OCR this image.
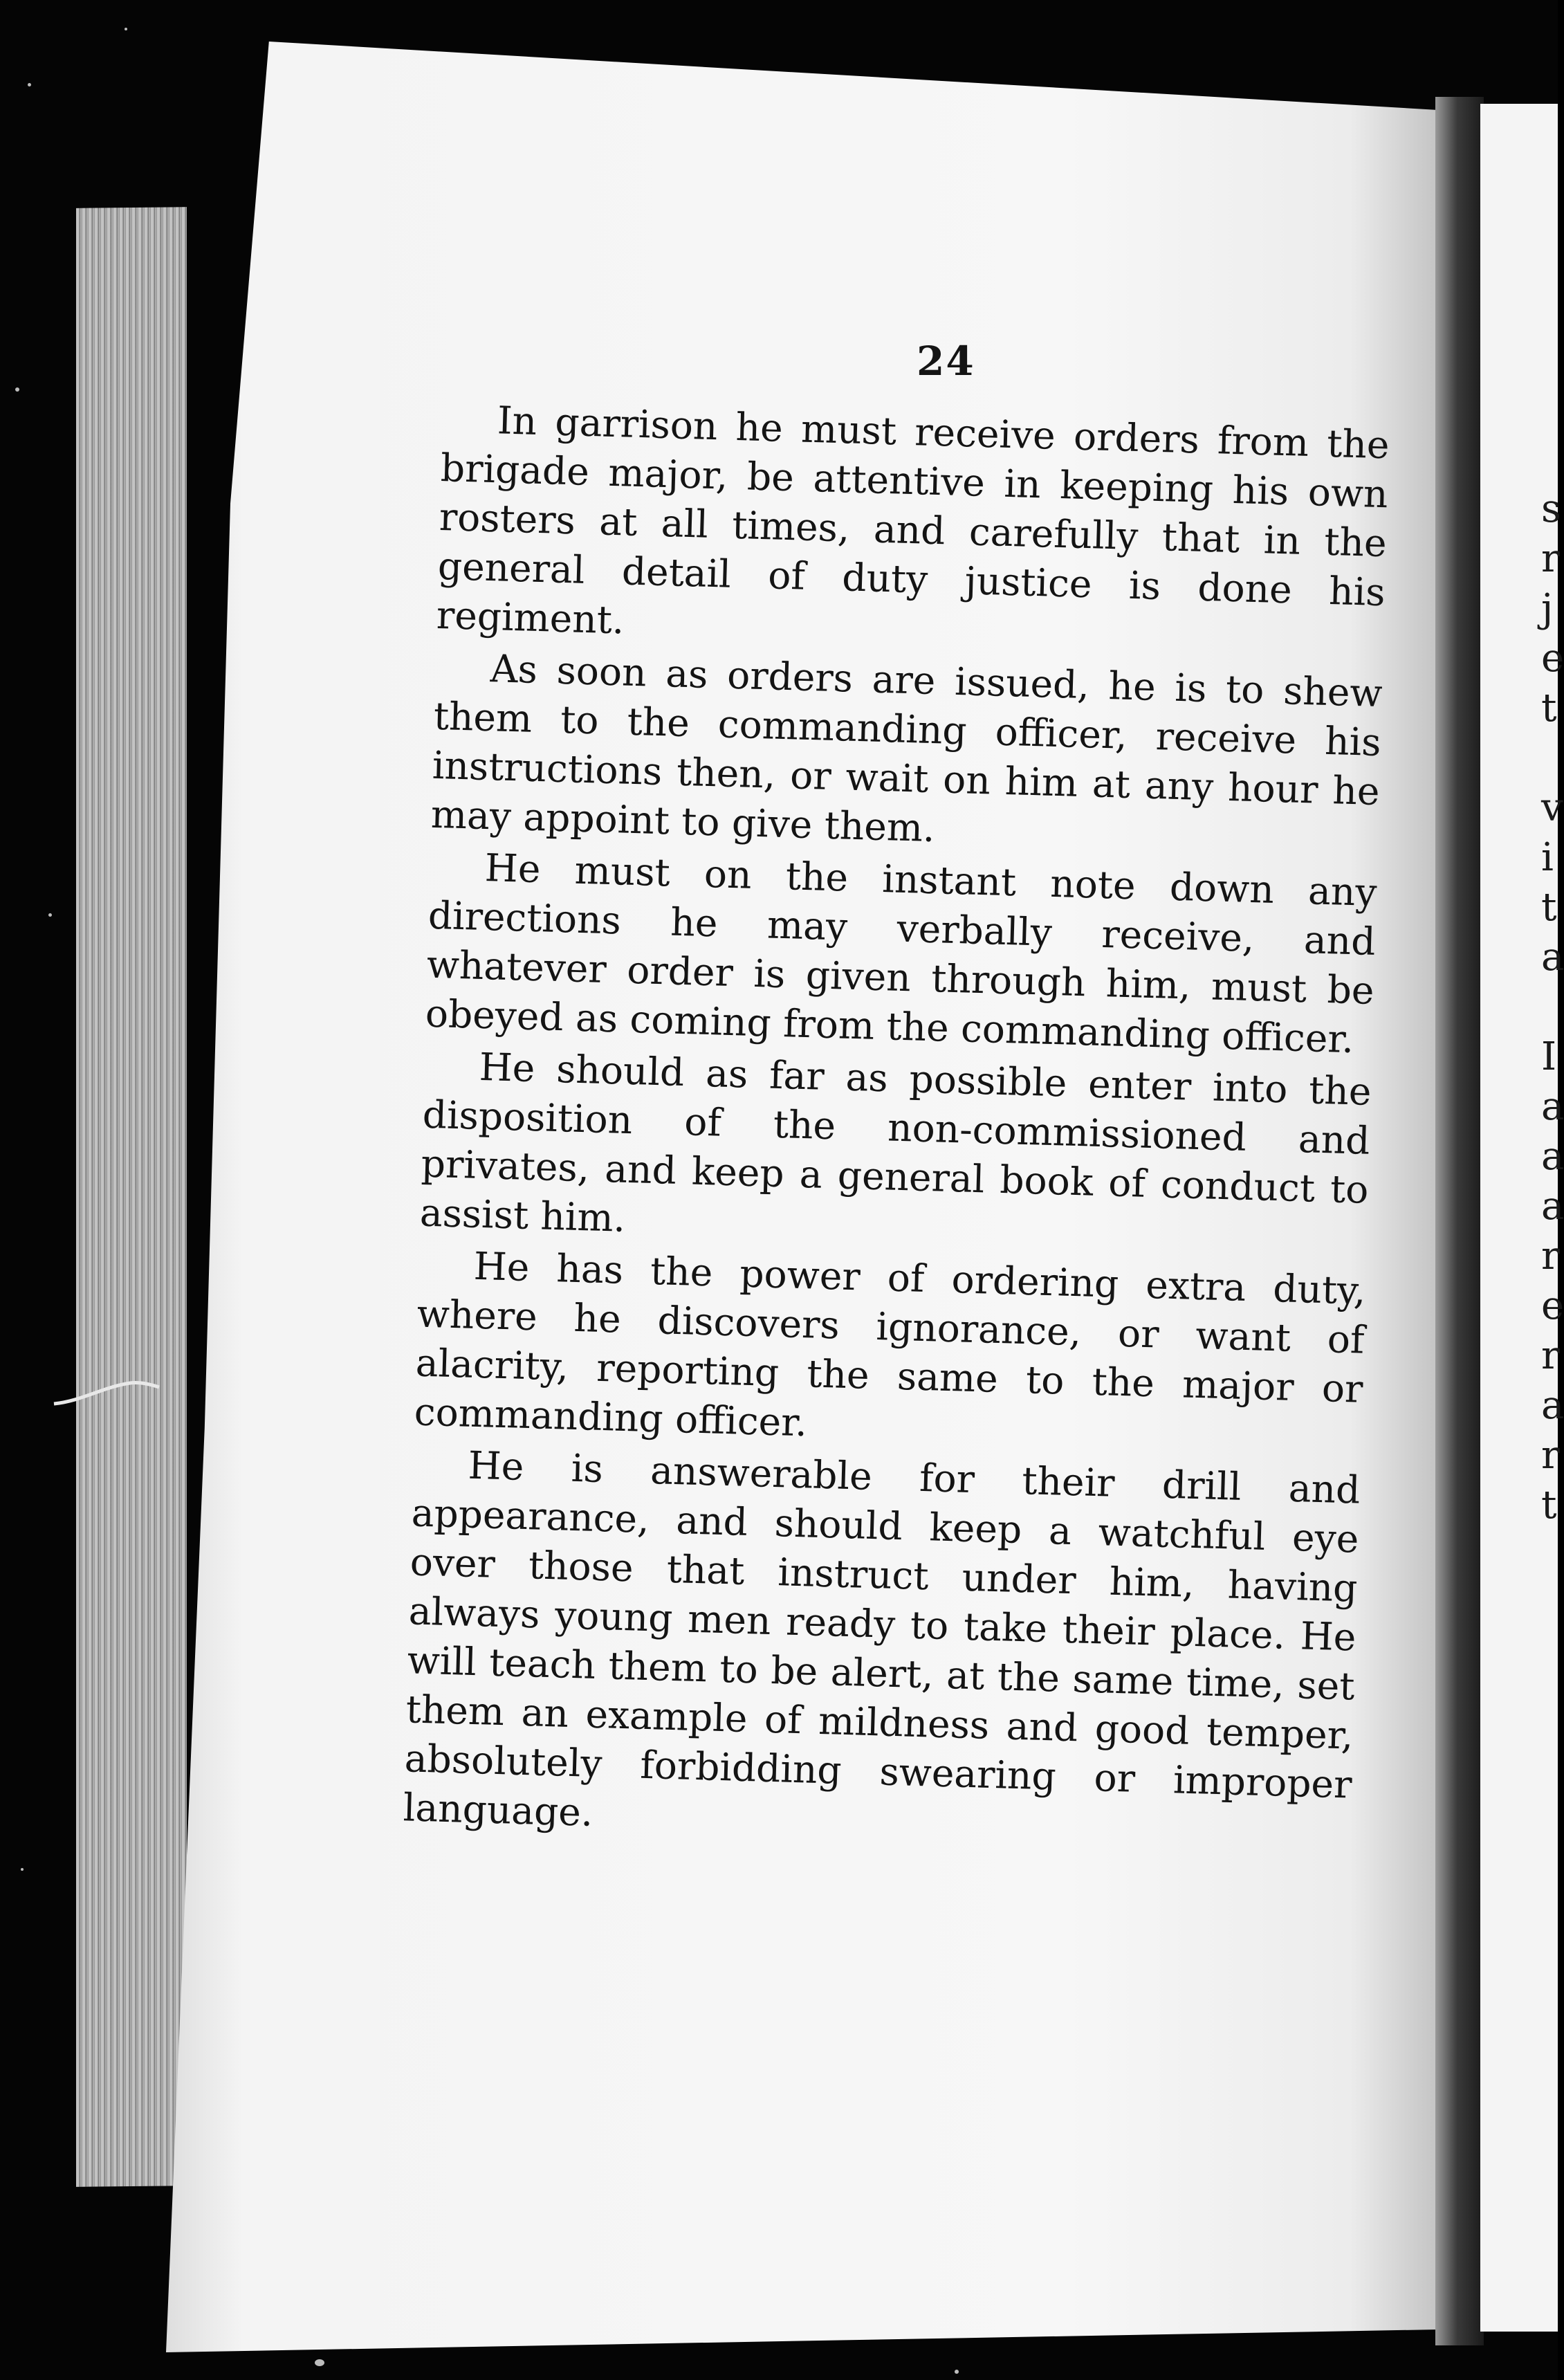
s
r
j
e
t
v
i
t
a
I
a
a
a
r
e
r
a
r
t
24

In garrison he must receive orders from the brigade major, be attentive in keeping his own rosters at all times, and carefully that in the general detail of duty justice is done his regiment.

As soon as orders are issued, he is to shew them to the commanding officer, receive his instructions then, or wait on him at any hour he may appoint to give them.

He must on the instant note down any directions he may verbally receive, and whatever order is given through him, must be obeyed as coming from the commanding officer.

He should as far as possible enter into the disposition of the non-commissioned and privates, and keep a general book of conduct to assist him.

He has the power of ordering extra duty, where he discovers ignorance, or want of alacrity, reporting the same to the major or commanding officer.

He is answerable for their drill and appearance, and should keep a watchful eye over those that instruct under him, having always young men ready to take their place. He will teach them to be alert, at the same time, set them an example of mildness and good temper, absolutely forbidding swearing or improper language.
